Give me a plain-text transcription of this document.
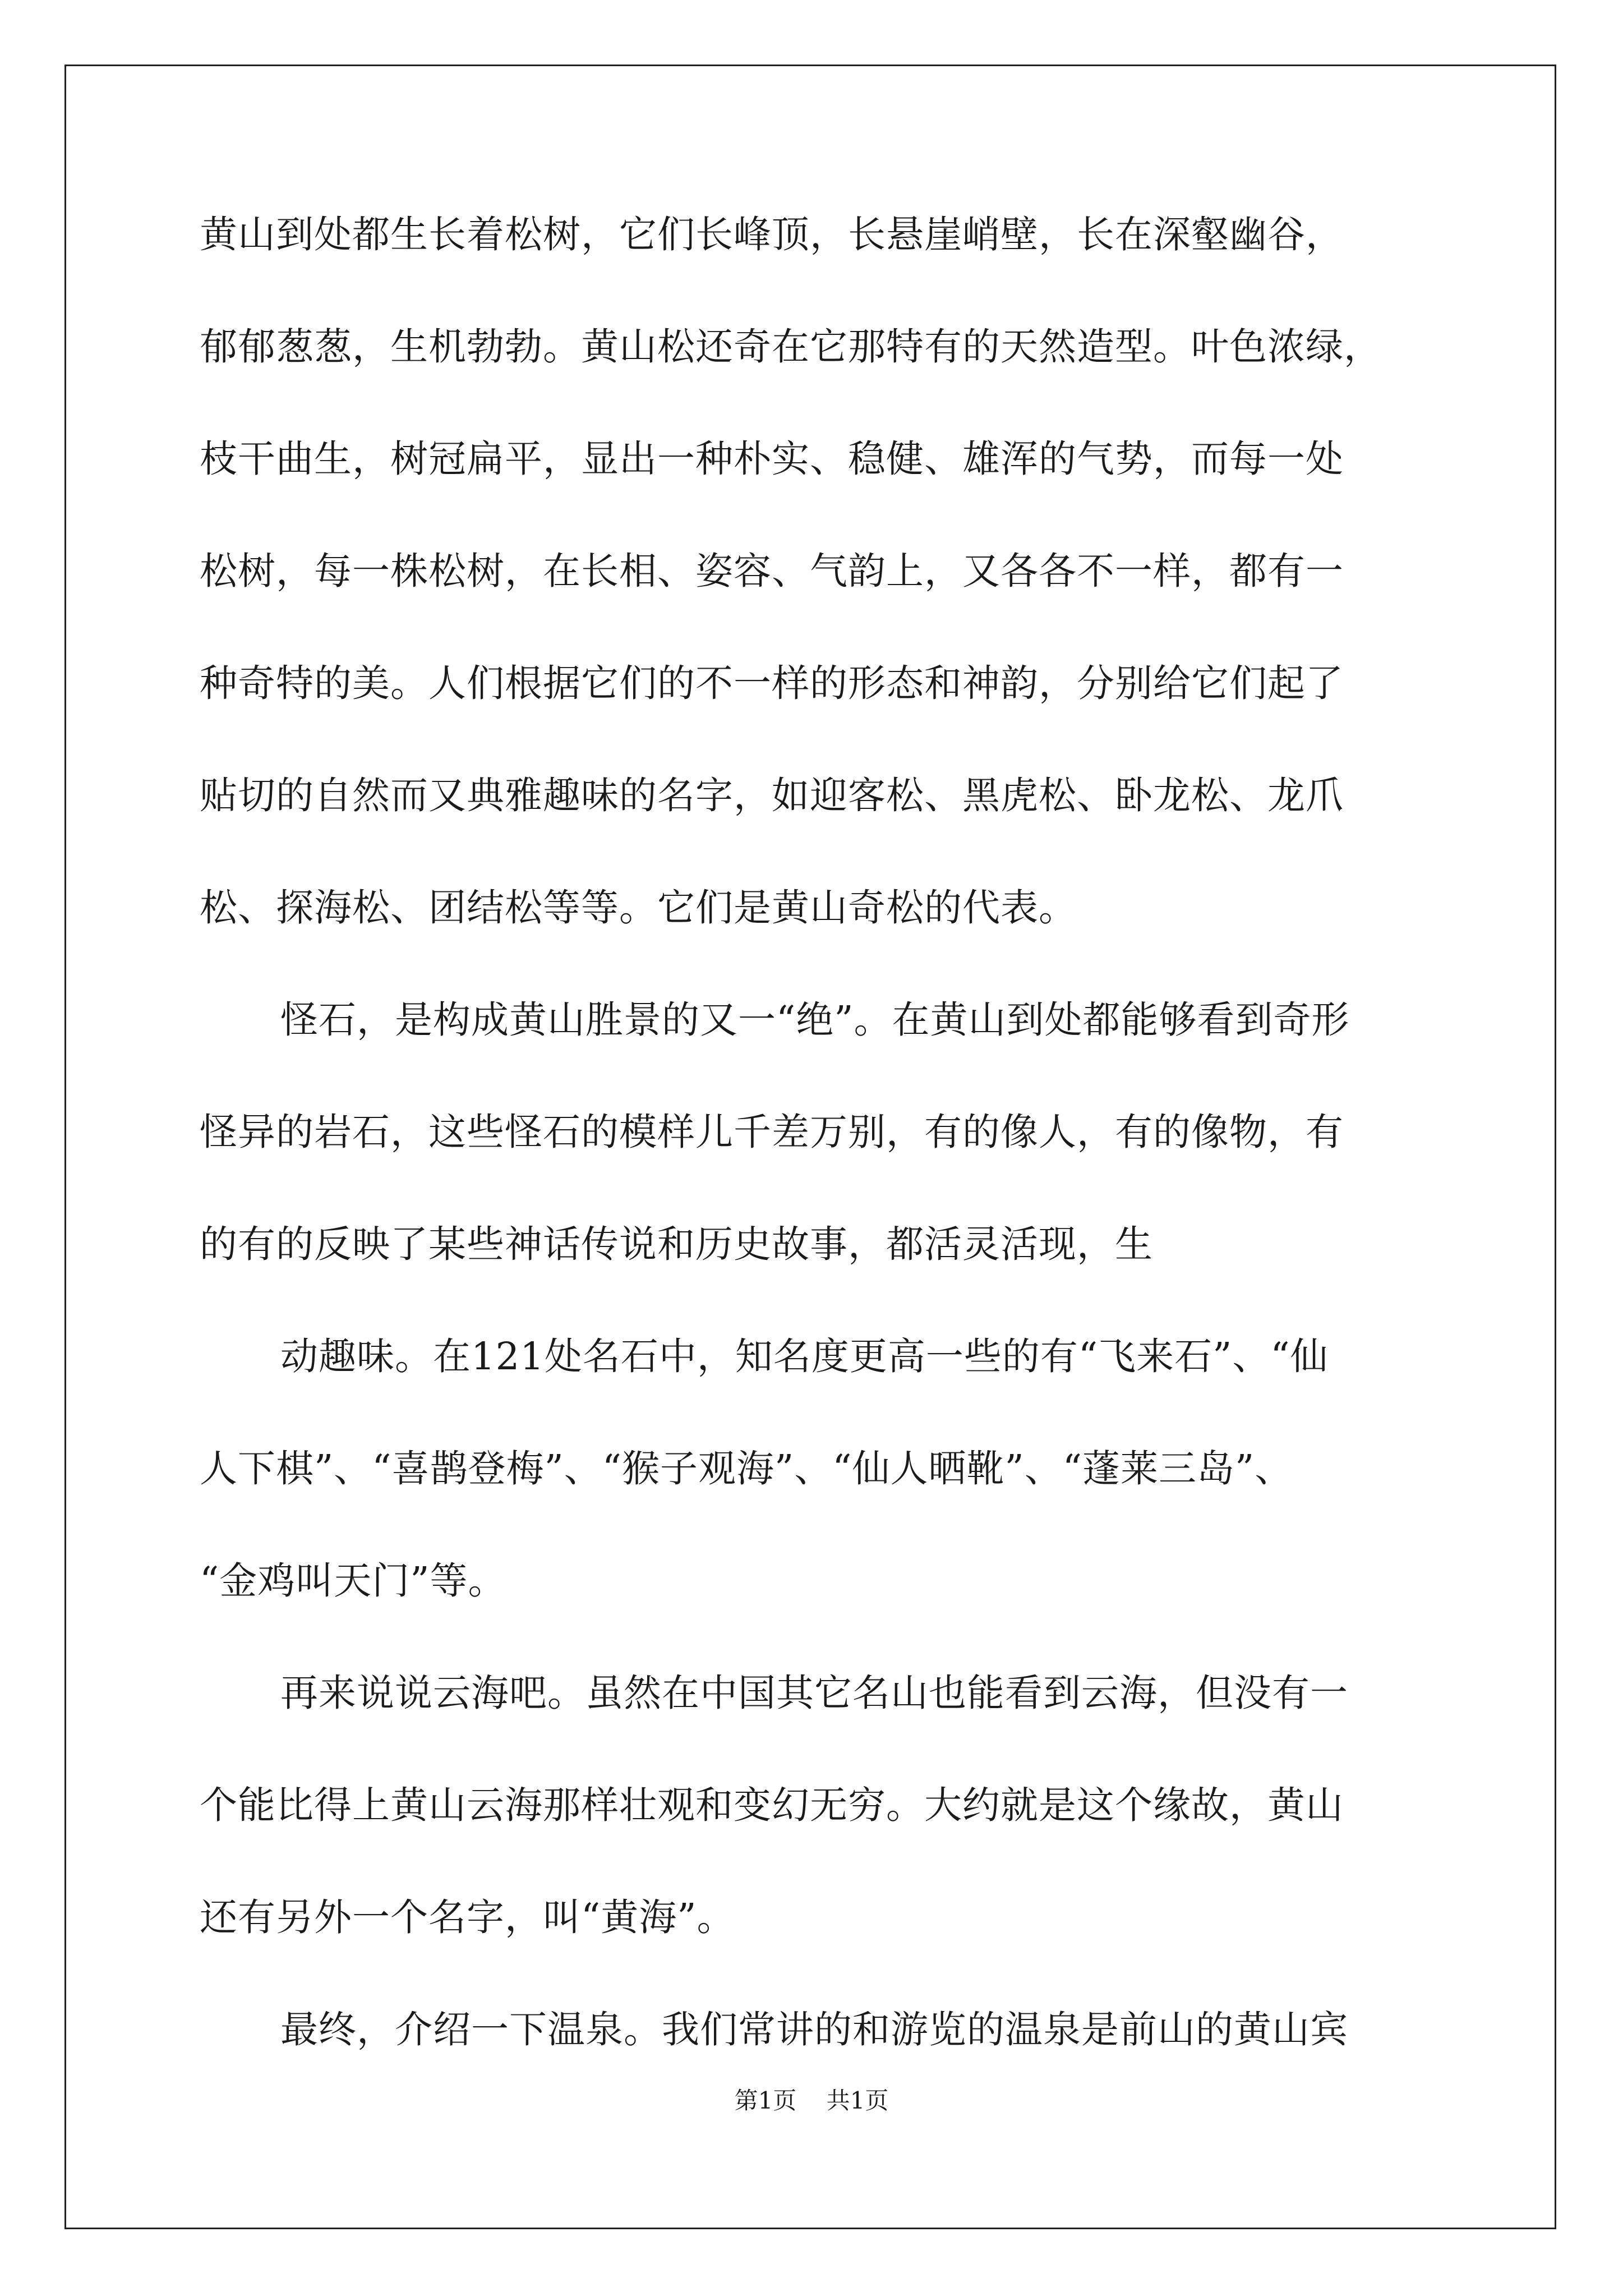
黄山到处都生长着松树，它们长峰顶，长悬崖峭壁，长在深壑幽谷，

郁郁葱葱，生机勃勃。黄山松还奇在它那特有的天然造型。叶色浓绿，

枝干曲生，树冠扁平，显出一种朴实、稳健、雄浑的气势，而每一处

松树，每一株松树，在长相、姿容、气韵上，又各各不一样，都有一

种奇特的美。人们根据它们的不一样的形态和神韵，分别给它们起了

贴切的自然而又典雅趣味的名字，如迎客松、黑虎松、卧龙松、龙爪

松、探海松、团结松等等。它们是黄山奇松的代表。

怪石，是构成黄山胜景的又一“绝”。在黄山到处都能够看到奇形

怪异的岩石，这些怪石的模样儿千差万别，有的像人，有的像物，有

的有的反映了某些神话传说和历史故事，都活灵活现，生

动趣味。在121处名石中，知名度更高一些的有“飞来石”、“仙

人下棋”、“喜鹊登梅”、“猴子观海”、“仙人晒靴”、“蓬莱三岛”、

“金鸡叫天门”等。

再来说说云海吧。虽然在中国其它名山也能看到云海，但没有一

个能比得上黄山云海那样壮观和变幻无穷。大约就是这个缘故，黄山

还有另外一个名字，叫“黄海”。

最终，介绍一下温泉。我们常讲的和游览的温泉是前山的黄山宾

第1页    共1页
